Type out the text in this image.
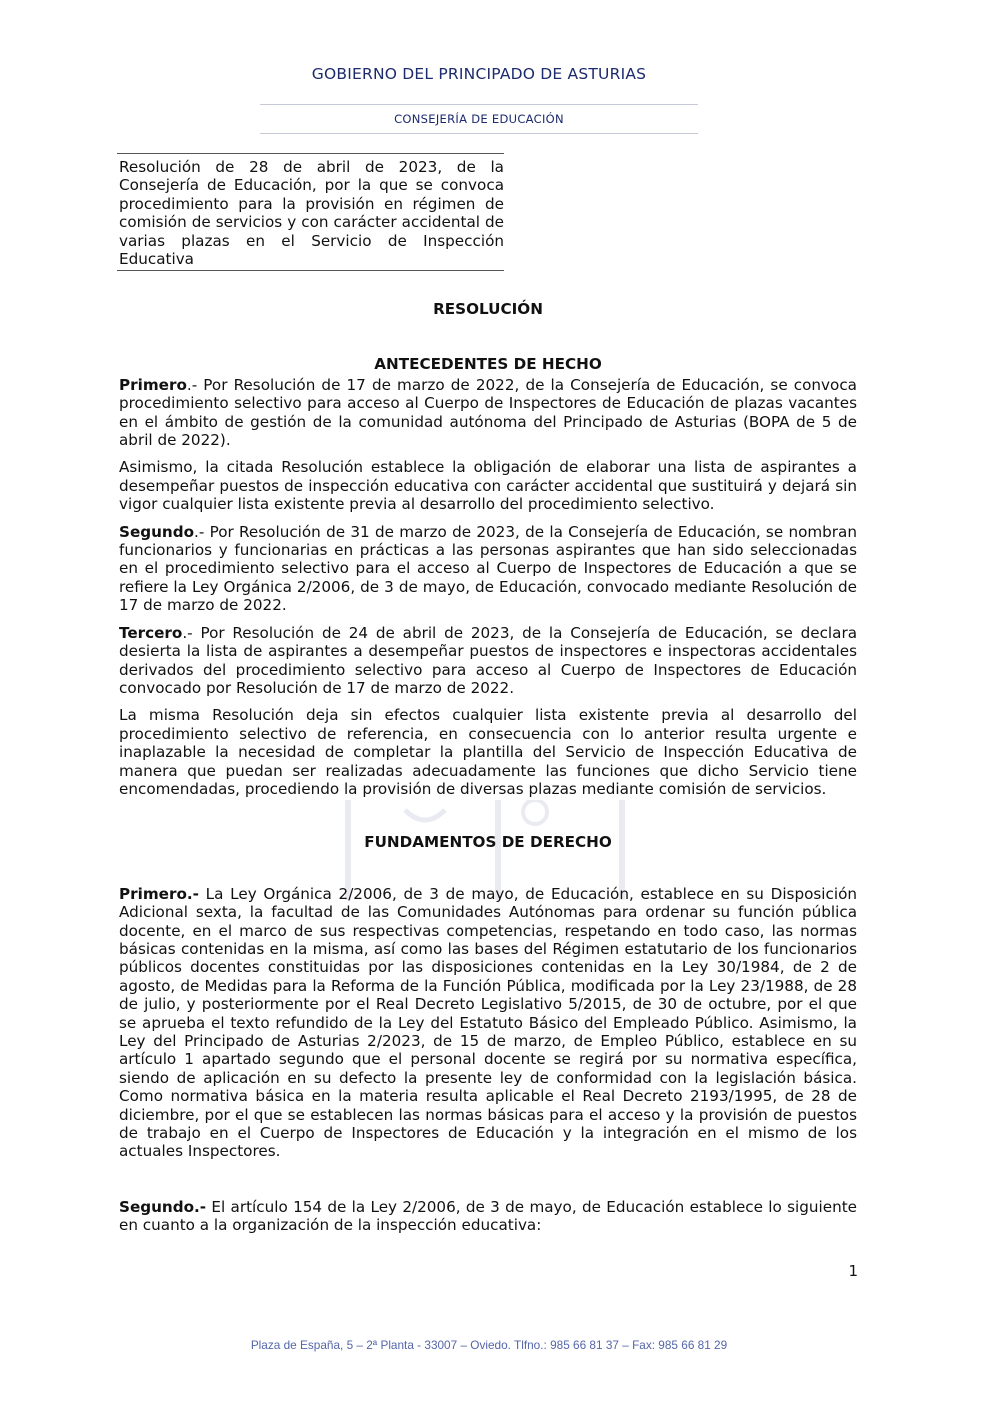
GOBIERNO DEL PRINCIPADO DE ASTURIAS
CONSEJERÍA DE EDUCACIÓN

Resolución de 28 de abril de 2023, de la Consejería de Educación, por la que se convoca procedimiento para la provisión en régimen de comisión de servicios y con carácter accidental de varias plazas en el Servicio de Inspección Educativa

RESOLUCIÓN
ANTECEDENTES DE HECHO

Primero.- Por Resolución de 17 de marzo de 2022, de la Consejería de Educación, se convoca procedimiento selectivo para acceso al Cuerpo de Inspectores de Educación de plazas vacantes en el ámbito de gestión de la comunidad autónoma del Principado de Asturias (BOPA de 5 de abril de 2022).

Asimismo, la citada Resolución establece la obligación de elaborar una lista de aspirantes a desempeñar puestos de inspección educativa con carácter accidental que sustituirá y dejará sin vigor cualquier lista existente previa al desarrollo del procedimiento selectivo.

Segundo.- Por Resolución de 31 de marzo de 2023, de la Consejería de Educación, se nombran funcionarios y funcionarias en prácticas a las personas aspirantes que han sido seleccionadas en el procedimiento selectivo para el acceso al Cuerpo de Inspectores de Educación a que se refiere la Ley Orgánica 2/2006, de 3 de mayo, de Educación, convocado mediante Resolución de 17 de marzo de 2022.

Tercero.- Por Resolución de 24 de abril de 2023, de la Consejería de Educación, se declara desierta la lista de aspirantes a desempeñar puestos de inspectores e inspectoras accidentales derivados del procedimiento selectivo para acceso al Cuerpo de Inspectores de Educación convocado por Resolución de 17 de marzo de 2022.

La misma Resolución deja sin efectos cualquier lista existente previa al desarrollo del procedimiento selectivo de referencia, en consecuencia con lo anterior resulta urgente e inaplazable la necesidad de completar la plantilla del Servicio de Inspección Educativa de manera que puedan ser realizadas adecuadamente las funciones que dicho Servicio tiene encomendadas, procediendo la provisión de diversas plazas mediante comisión de servicios.

FUNDAMENTOS DE DERECHO

Primero.- La Ley Orgánica 2/2006, de 3 de mayo, de Educación, establece en su Disposición Adicional sexta, la facultad de las Comunidades Autónomas para ordenar su función pública docente, en el marco de sus respectivas competencias, respetando en todo caso, las normas básicas contenidas en la misma, así como las bases del Régimen estatutario de los funcionarios públicos docentes constituidas por las disposiciones contenidas en la Ley 30/1984, de 2 de agosto, de Medidas para la Reforma de la Función Pública, modificada por la Ley 23/1988, de 28 de julio, y posteriormente por el Real Decreto Legislativo 5/2015, de 30 de octubre, por el que se aprueba el texto refundido de la Ley del Estatuto Básico del Empleado Público. Asimismo, la Ley del Principado de Asturias 2/2023, de 15 de marzo, de Empleo Público, establece en su artículo 1 apartado segundo que el personal docente se regirá por su normativa específica, siendo de aplicación en su defecto la presente ley de conformidad con la legislación básica. Como normativa básica en la materia resulta aplicable el Real Decreto 2193/1995, de 28 de diciembre, por el que se establecen las normas básicas para el acceso y la provisión de puestos de trabajo en el Cuerpo de Inspectores de Educación y la integración en el mismo de los actuales Inspectores.

Segundo.- El artículo 154 de la Ley 2/2006, de 3 de mayo, de Educación establece lo siguiente en cuanto a la organización de la inspección educativa:

1
Plaza de España, 5 – 2ª Planta - 33007 – Oviedo. Tlfno.: 985 66 81 37 – Fax: 985 66 81 29
